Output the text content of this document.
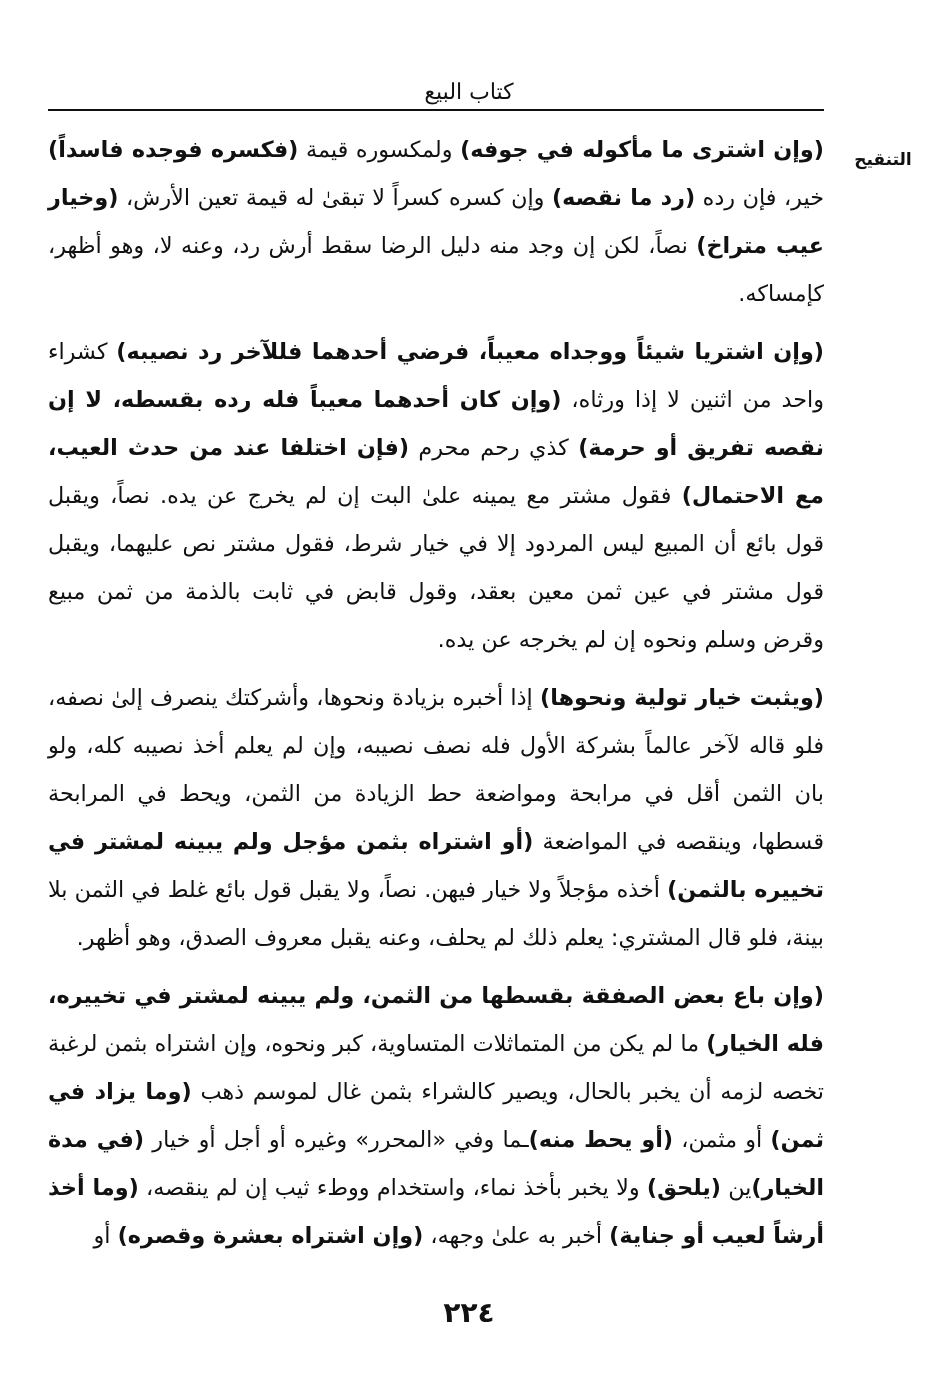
كتاب البيع
التنقيح

(وإن اشترى ما مأكوله في جوفه) ولمكسوره قيمة (فكسره فوجده فاسداً) خير، فإن رده (رد ما نقصه) وإن كسره كسراً لا تبقىٰ له قيمة تعين الأرش، (وخيار عيب متراخ) نصاً، لكن إن وجد منه دليل الرضا سقط أرش رد، وعنه لا، وهو أظهر، كإمساكه.

(وإن اشتريا شيئاً ووجداه معيباً، فرضي أحدهما فللآخر رد نصيبه) كشراء واحد من اثنين لا إذا ورثاه، (وإن كان أحدهما معيباً فله رده بقسطه، لا إن نقصه تفريق أو حرمة) كذي رحم محرم (فإن اختلفا عند من حدث العيب، مع الاحتمال) فقول مشتر مع يمينه علىٰ البت إن لم يخرج عن يده. نصاً، ويقبل قول بائع أن المبيع ليس المردود إلا في خيار شرط، فقول مشتر نص عليهما، ويقبل قول مشتر في عين ثمن معين بعقد، وقول قابض في ثابت بالذمة من ثمن مبيع وقرض وسلم ونحوه إن لم يخرجه عن يده.

(ويثبت خيار تولية ونحوها) إذا أخبره بزيادة ونحوها، وأشركتك ينصرف إلىٰ نصفه، فلو قاله لآخر عالماً بشركة الأول فله نصف نصيبه، وإن لم يعلم أخذ نصيبه كله، ولو بان الثمن أقل في مرابحة ومواضعة حط الزيادة من الثمن، ويحط في المرابحة قسطها، وينقصه في المواضعة (أو اشتراه بثمن مؤجل ولم يبينه لمشتر في تخييره بالثمن) أخذه مؤجلاً ولا خيار فيهن. نصاً، ولا يقبل قول بائع غلط في الثمن بلا بينة، فلو قال المشتري: يعلم ذلك لم يحلف، وعنه يقبل معروف الصدق، وهو أظهر.

(وإن باع بعض الصفقة بقسطها من الثمن، ولم يبينه لمشتر في تخييره، فله الخيار) ما لم يكن من المتماثلات المتساوية، كبر ونحوه، وإن اشتراه بثمن لرغبة تخصه لزمه أن يخبر بالحال، ويصير كالشراء بثمن غال لموسم ذهب (وما يزاد في ثمن) أو مثمن، (أو يحط منه)ـما وفي «المحرر» وغيره أو أجل أو خيار (في مدة الخيار)ين (يلحق) ولا يخبر بأخذ نماء، واستخدام ووطء ثيب إن لم ينقصه، (وما أخذ أرشاً لعيب أو جناية) أخبر به علىٰ وجهه، (وإن اشتراه بعشرة وقصره) أو

٢٢٤
